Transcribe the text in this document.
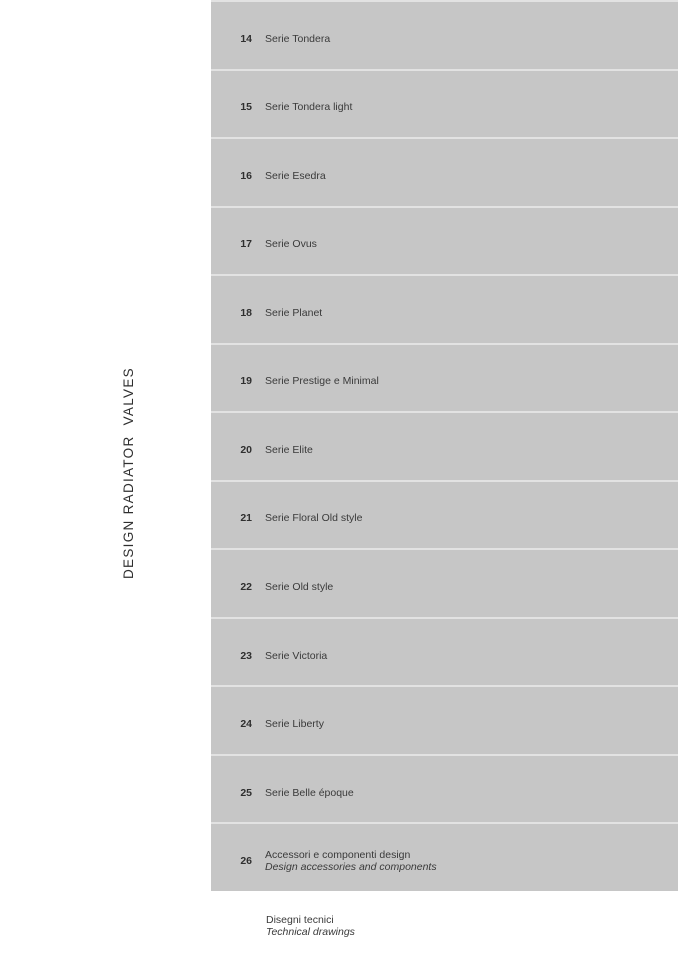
DESIGN RADIATOR  VALVES
14 Serie Tondera
15 Serie Tondera light
16 Serie Esedra
17 Serie Ovus
18 Serie Planet
19 Serie Prestige e Minimal
20 Serie Elite
21 Serie Floral Old style
22 Serie Old style
23 Serie Victoria
24 Serie Liberty
25 Serie Belle époque
26 Accessori e componenti design
Design accessories and components
Disegni tecnici
Technical drawings
